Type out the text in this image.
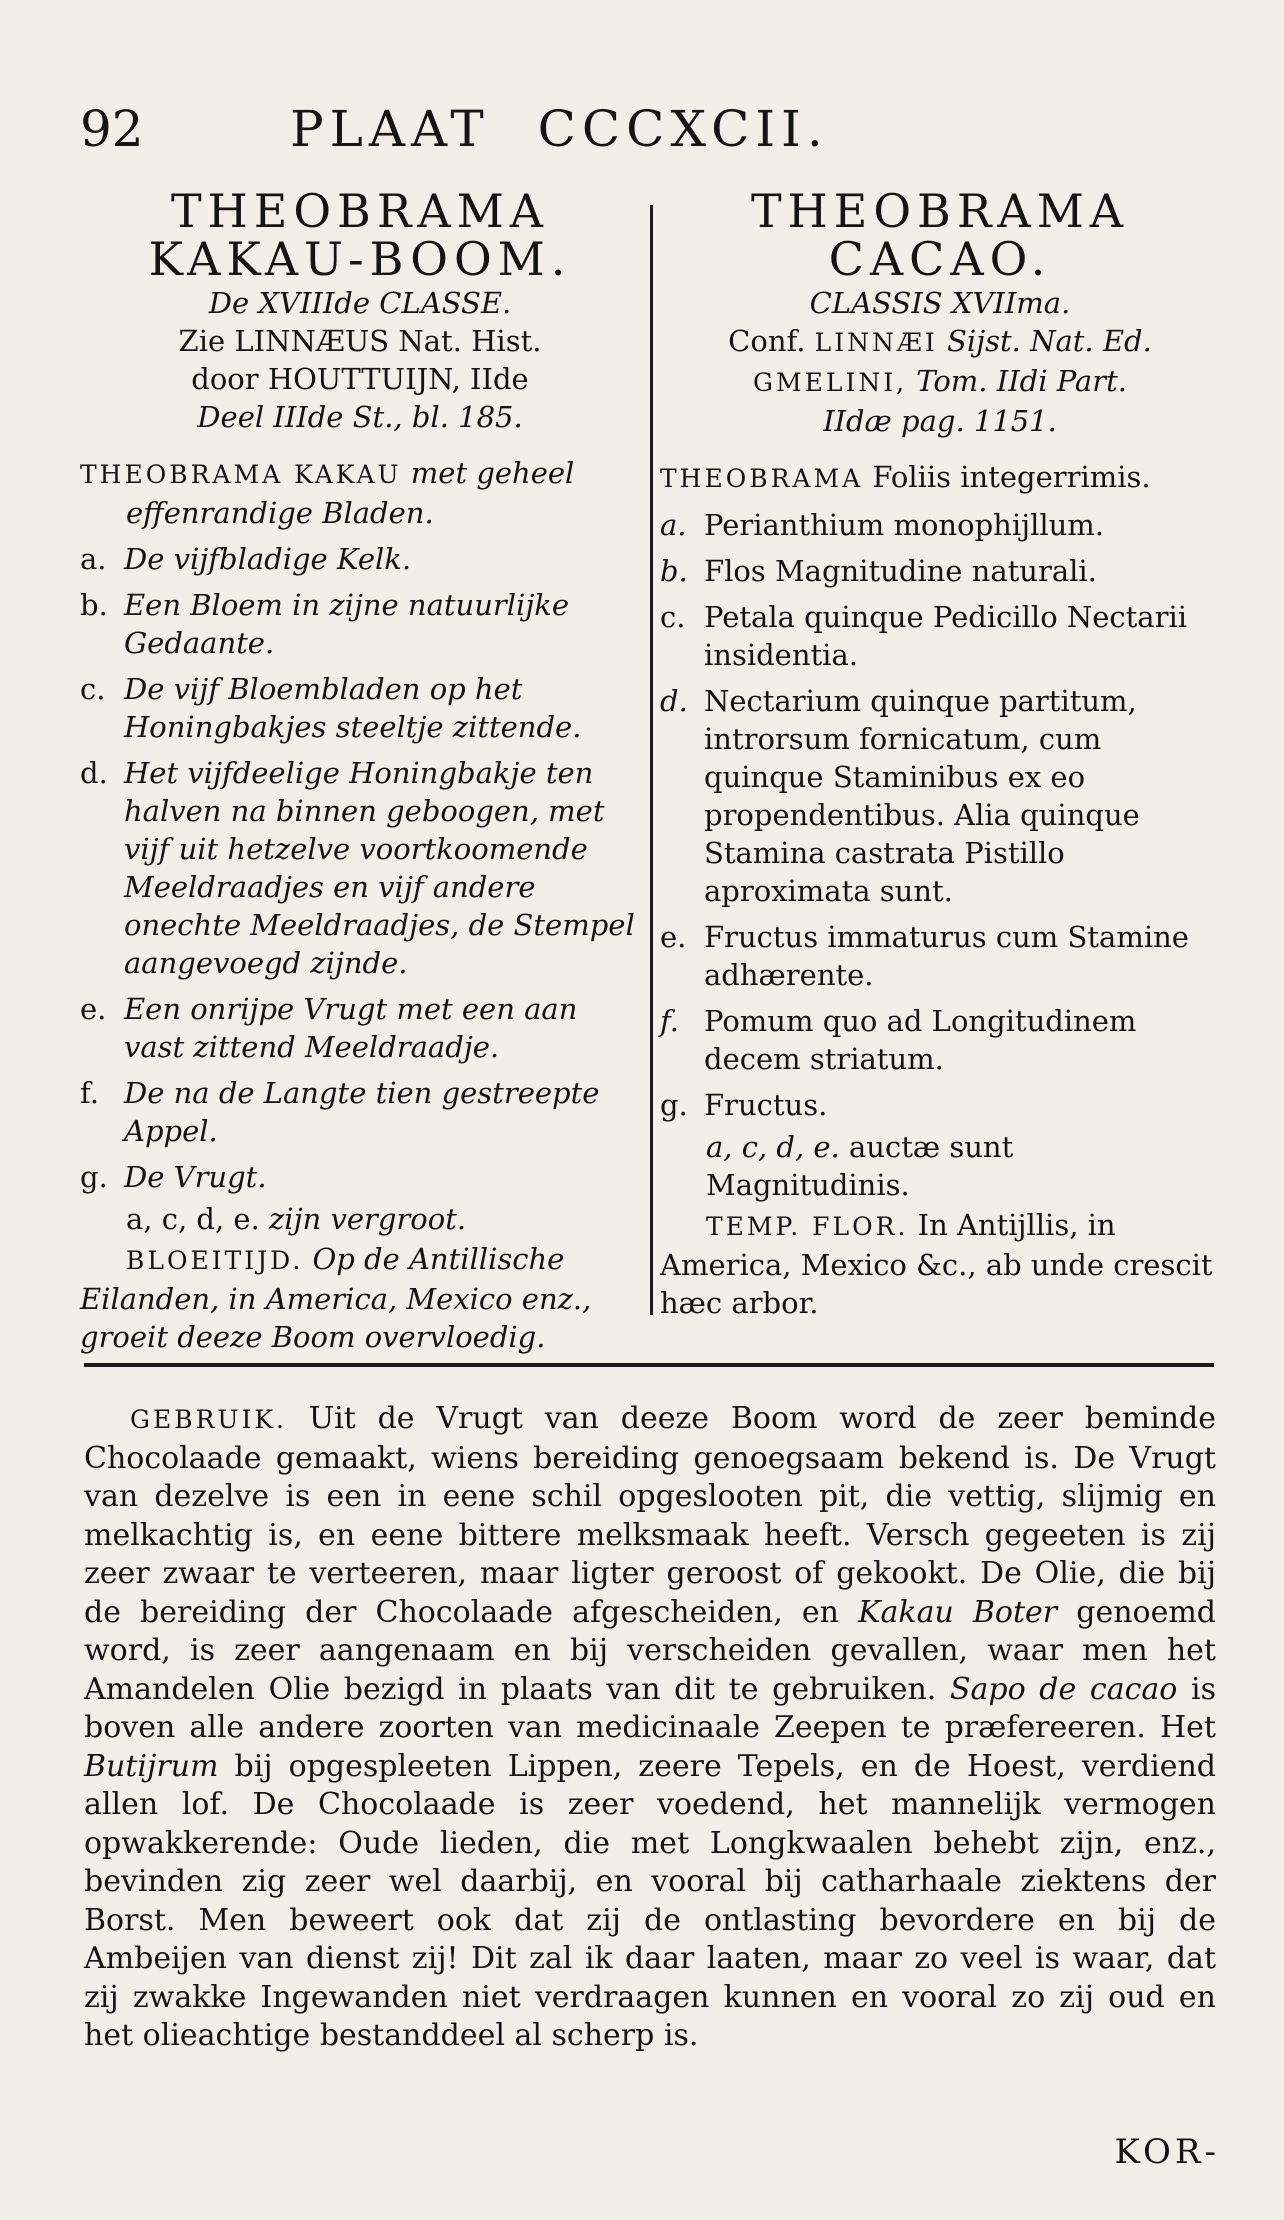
92	PLAAT CCCXCII.

THEOBRAMA

KAKAU-BOOM.

De XVIIIde CLASSE.
Zie LINNÆUS Nat. Hist.
door HOUTTUIJN, IIde
Deel IIIde St., bl. 185.
THEOBRAMA KAKAU met geheel effenrandige Bladen.
a. De vijfbladige Kelk.
b. Een Bloem in zijne natuurlijke Gedaante.
c. De vijf Bloembladen op het Honingbakjes steeltje zittende.
d. Het vijfdeelige Honingbakje ten halven na binnen geboogen, met vijf uit hetzelve voortkoomende Meeldraadjes en vijf andere onechte Meeldraadjes, de Stempel aangevoegd zijnde.
e. Een onrijpe Vrugt met een aan vast zittend Meeldraadje.
f. De na de Langte tien gestreepte Appel.
g. De Vrugt.
a, c, d, e. zijn vergroot.
BLOEITIJD. Op de Antillische Eilanden, in America, Mexico enz., groeit deeze Boom overvloedig.

THEOBRAMA

CACAO.

CLASSIS XVIIma.
Conf. LINNÆI Sijst. Nat. Ed.
GMELINI, Tom. IIdi Part.
IIdæ pag. 1151.
THEOBRAMA Foliis integerrimis.
a. Perianthium monophijllum.
b. Flos Magnitudine naturali.
c. Petala quinque Pedicillo Nectarii insidentia.
d. Nectarium quinque partitum, introrsum fornicatum, cum quinque Staminibus ex eo propendentibus. Alia quinque Stamina castrata Pistillo aproximata sunt.
e. Fructus immaturus cum Stamine adhærente.
f. Pomum quo ad Longitudinem decem striatum.
g. Fructus.
a, c, d, e. auctæ sunt Magnitudinis.
TEMP. FLOR. In Antijllis, in America, Mexico &c., ab unde crescit hæc arbor.
GEBRUIK. Uit de Vrugt van deeze Boom word de zeer beminde Chocolaade gemaakt, wiens bereiding genoegsaam bekend is. De Vrugt van dezelve is een in eene schil opgeslooten pit, die vettig, slijmig en melkachtig is, en eene bittere melksmaak heeft. Versch gegeeten is zij zeer zwaar te verteeren, maar ligter geroost of gekookt. De Olie, die bij de bereiding der Chocolaade afgescheiden, en Kakau Boter genoemd word, is zeer aangenaam en bij verscheiden gevallen, waar men het Amandelen Olie bezigd in plaats van dit te gebruiken. Sapo de cacao is boven alle andere zoorten van medicinaale Zeepen te præfereeren. Het Butijrum bij opgespleeten Lippen, zeere Tepels, en de Hoest, verdiend allen lof. De Chocolaade is zeer voedend, het mannelijk vermogen opwakkerende: Oude lieden, die met Longkwaalen behebt zijn, enz., bevinden zig zeer wel daarbij, en vooral bij catharhaale ziektens der Borst. Men beweert ook dat zij de ontlasting bevordere en bij de Ambeijen van dienst zij! Dit zal ik daar laaten, maar zo veel is waar, dat zij zwakke Ingewanden niet verdraagen kunnen en vooral zo zij oud en het olieachtige bestanddeel al scherp is.
KOR-
